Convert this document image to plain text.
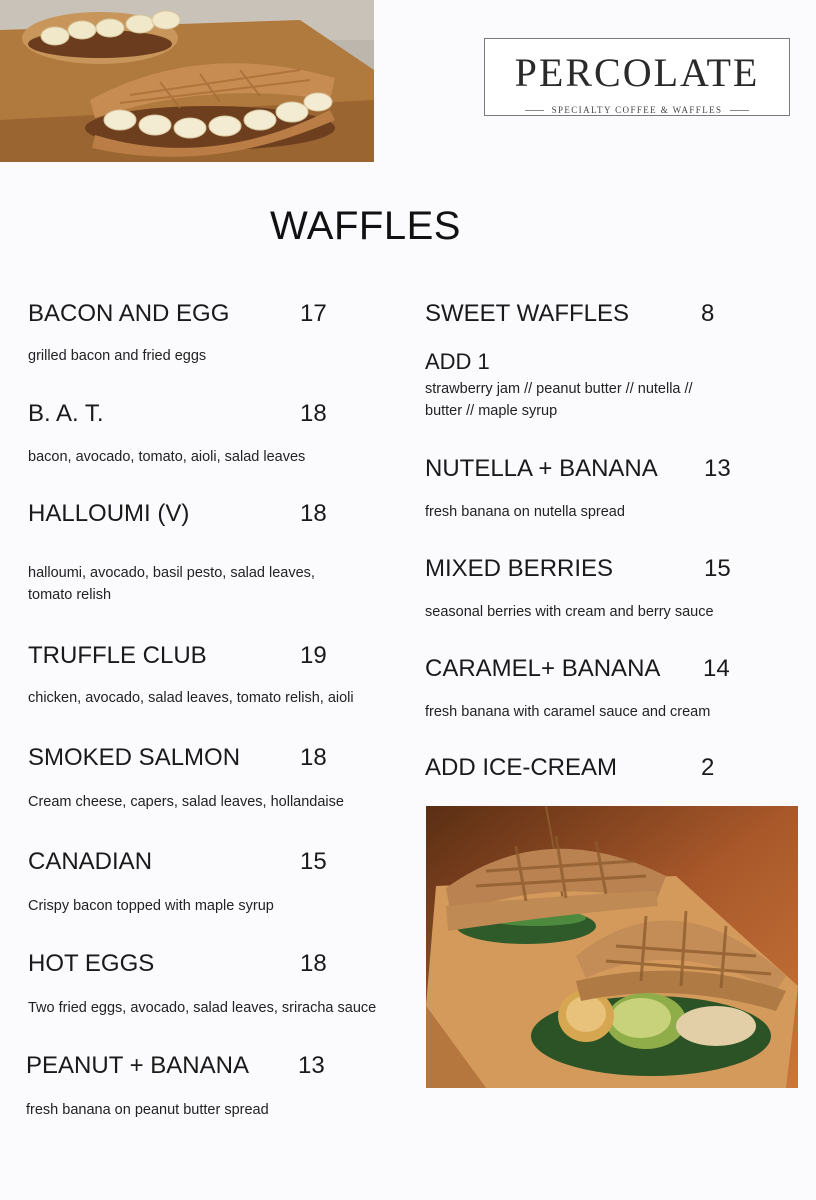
PERCOLATE
SPECIALTY COFFEE & WAFFLES
WAFFLES
BACON AND EGG	17
grilled bacon and fried eggs
B. A. T.	18
bacon, avocado, tomato, aioli, salad leaves
HALLOUMI (V)	18
halloumi, avocado, basil pesto, salad leaves,
tomato relish
TRUFFLE CLUB	19
chicken, avocado, salad leaves, tomato relish, aioli
SMOKED SALMON 18
Cream cheese, capers, salad leaves, hollandaise
CANADIAN	15
Crispy bacon topped with maple syrup
HOT EGGS	18
Two fried eggs, avocado, salad leaves, sriracha sauce
PEANUT + BANANA 13
fresh banana on peanut butter spread
SWEET WAFFLES	8
ADD 1
strawberry jam // peanut butter // nutella //
butter // maple syrup
NUTELLA + BANANA 13
fresh banana on nutella spread
MIXED BERRIES	15
seasonal berries with cream and berry sauce
CARAMEL+ BANANA 14
fresh banana with caramel sauce and cream
ADD ICE-CREAM	2
